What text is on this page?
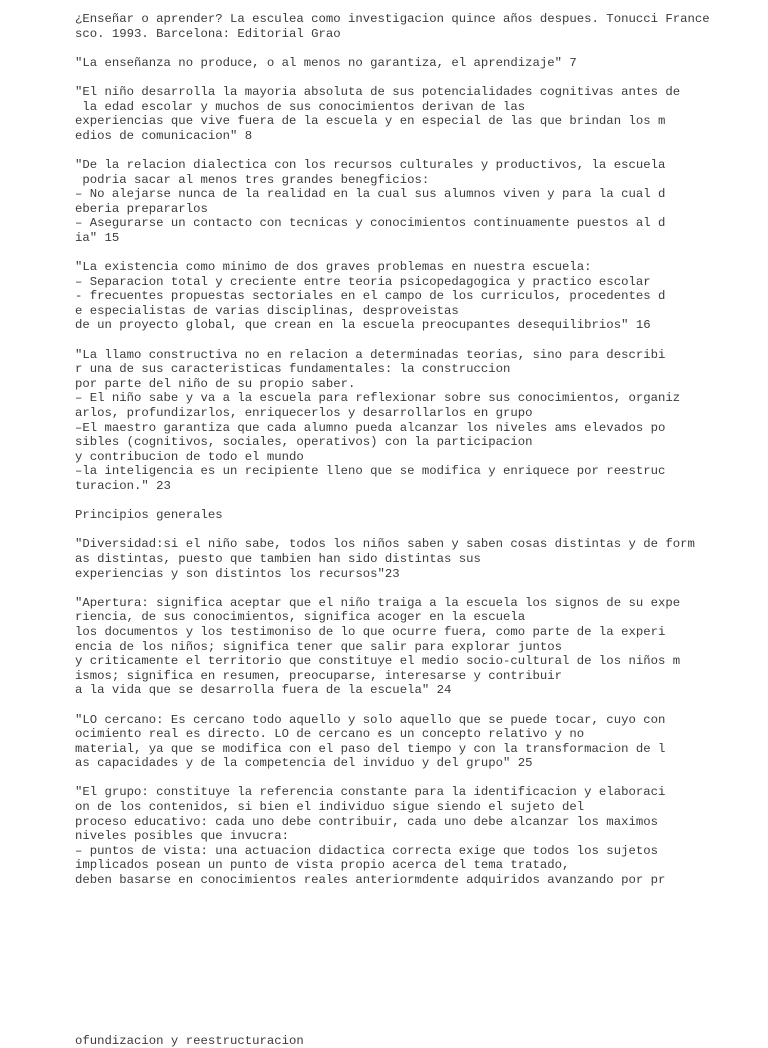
¿Enseñar o aprender? La esculea como investigacion quince años despues. Tonucci France
sco. 1993. Barcelona: Editorial Grao
"La enseñanza no produce, o al menos no garantiza, el aprendizaje" 7
"El niño desarrolla la mayoria absoluta de sus potencialidades cognitivas antes de
la edad escolar y muchos de sus conocimientos derivan de las
experiencias que vive fuera de la escuela y en especial de las que brindan los m
edios de comunicacion" 8
"De la relacion dialectica con los recursos culturales y productivos, la escuela
podria sacar al menos tres grandes benegficios:
– No alejarse nunca de la realidad en la cual sus alumnos viven y para la cual d
eberia prepararlos
– Asegurarse un contacto con tecnicas y conocimientos continuamente puestos al d
ia" 15
"La existencia como minimo de dos graves problemas en nuestra escuela:
– Separacion total y creciente entre teoria psicopedagogica y practico escolar
- frecuentes propuestas sectoriales en el campo de los curriculos, procedentes d
e especialistas de varias disciplinas, desproveistas
de un proyecto global, que crean en la escuela preocupantes desequilibrios" 16
"La llamo constructiva no en relacion a determinadas teorias, sino para describi
r una de sus caracteristicas fundamentales: la construccion
por parte del niño de su propio saber.
– El niño sabe y va a la escuela para reflexionar sobre sus conocimientos, organiz
arlos, profundizarlos, enriquecerlos y desarrollarlos en grupo
–El maestro garantiza que cada alumno pueda alcanzar los niveles ams elevados po
sibles (cognitivos, sociales, operativos) con la participacion
y contribucion de todo el mundo
–la inteligencia es un recipiente lleno que se modifica y enriquece por reestruc
turacion." 23
Principios generales
"Diversidad:si el niño sabe, todos los niños saben y saben cosas distintas y de form
as distintas, puesto que tambien han sido distintas sus
experiencias y son distintos los recursos"23
"Apertura: significa aceptar que el niño traiga a la escuela los signos de su expe
riencia, de sus conocimientos, significa acoger en la escuela
los documentos y los testimoniso de lo que ocurre fuera, como parte de la experi
encia de los niños; significa tener que salir para explorar juntos
y criticamente el territorio que constituye el medio socio-cultural de los niños m
ismos; significa en resumen, preocuparse, interesarse y contribuir
a la vida que se desarrolla fuera de la escuela" 24
"LO cercano: Es cercano todo aquello y solo aquello que se puede tocar, cuyo con
ocimiento real es directo. LO de cercano es un concepto relativo y no
material, ya que se modifica con el paso del tiempo y con la transformacion de l
as capacidades y de la competencia del inviduo y del grupo" 25
"El grupo: constituye la referencia constante para la identificacion y elaboraci
on de los contenidos, si bien el individuo sigue siendo el sujeto del
proceso educativo: cada uno debe contribuir, cada uno debe alcanzar los maximos
niveles posibles que invucra:
– puntos de vista: una actuacion didactica correcta exige que todos los sujetos
implicados posean un punto de vista propio acerca del tema tratado,
deben basarse en conocimientos reales anteriormdente adquiridos avanzando por pr
ofundizacion y reestructuracion
